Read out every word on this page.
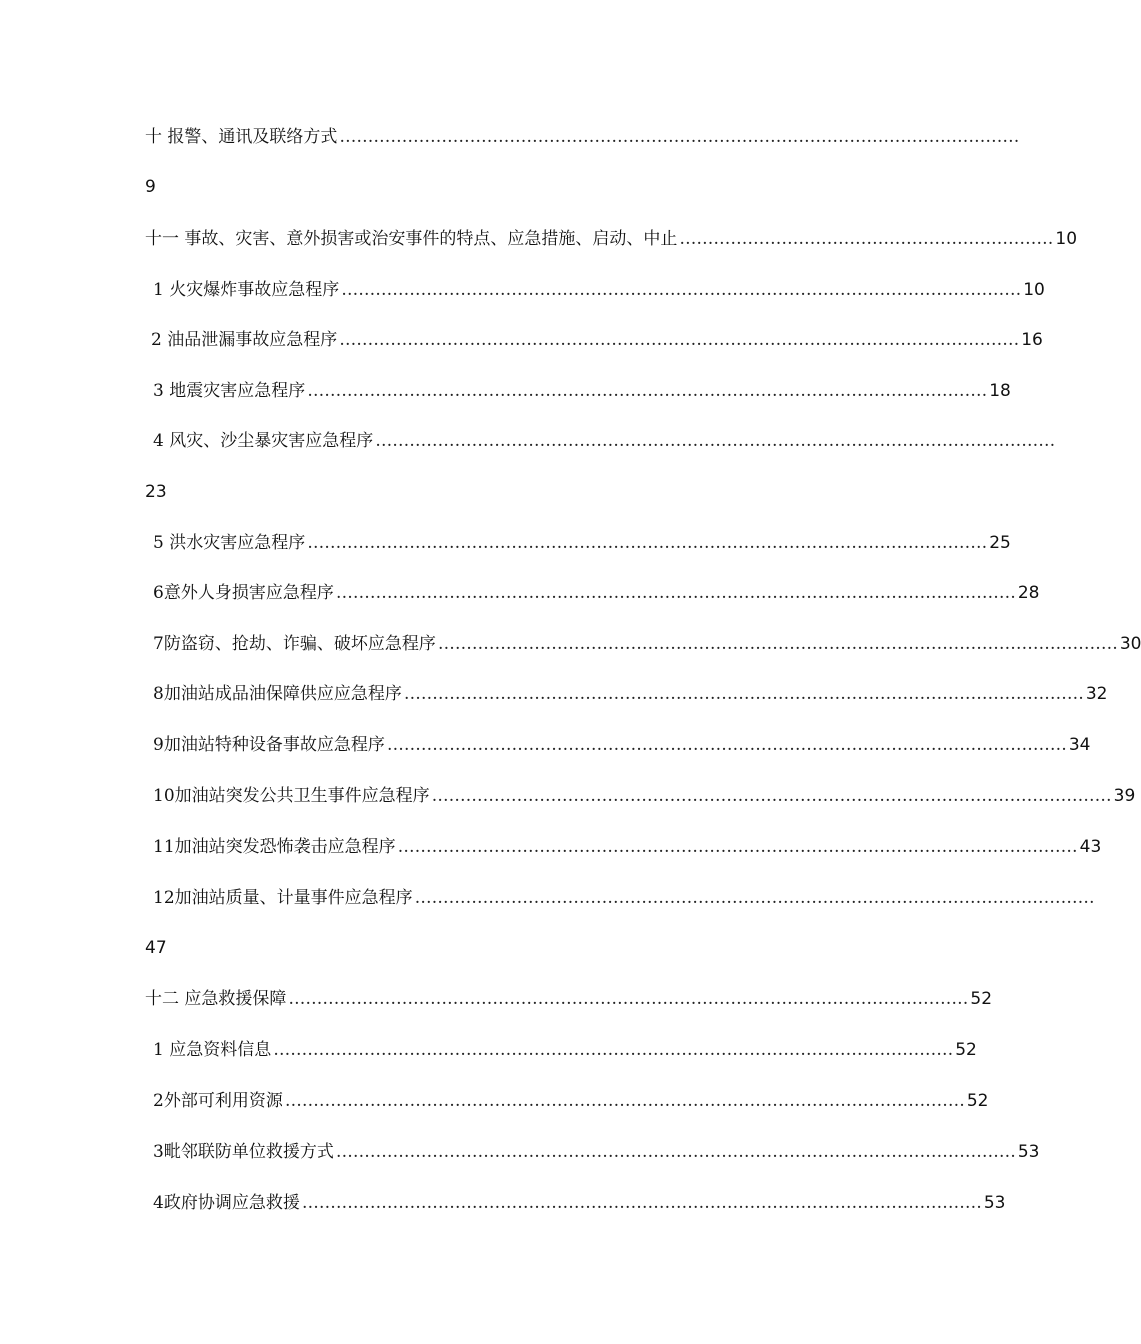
十 报警、通讯及联络方式 …………………………………………………………………………………………………………
9
十一 事故、灾害、意外损害或治安事件的特点、应急措施、启动、中止 ………………………………………………………… 10
1 火灾爆炸事故应急程序 ………………………………………………………………………………………………………… 10
2 油品泄漏事故应急程序 ………………………………………………………………………………………………………… 16
3 地震灾害应急程序 ………………………………………………………………………………………………………… 18
4 风灾、沙尘暴灾害应急程序 …………………………………………………………………………………………………………
23
5 洪水灾害应急程序 ………………………………………………………………………………………………………… 25
6意外人身损害应急程序 ………………………………………………………………………………………………………… 28
7防盗窃、抢劫、诈骗、破坏应急程序 ………………………………………………………………………………………………………… 30
8加油站成品油保障供应应急程序 ………………………………………………………………………………………………………… 32
9加油站特种设备事故应急程序 ………………………………………………………………………………………………………… 34
10加油站突发公共卫生事件应急程序 ………………………………………………………………………………………………………… 39
11加油站突发恐怖袭击应急程序 ………………………………………………………………………………………………………… 43
12加油站质量、计量事件应急程序 …………………………………………………………………………………………………………
47
十二 应急救援保障 ………………………………………………………………………………………………………… 52
1 应急资料信息 ………………………………………………………………………………………………………… 52
2外部可利用资源 ………………………………………………………………………………………………………… 52
3毗邻联防单位救援方式 ………………………………………………………………………………………………………… 53
4政府协调应急救援 ………………………………………………………………………………………………………… 53
